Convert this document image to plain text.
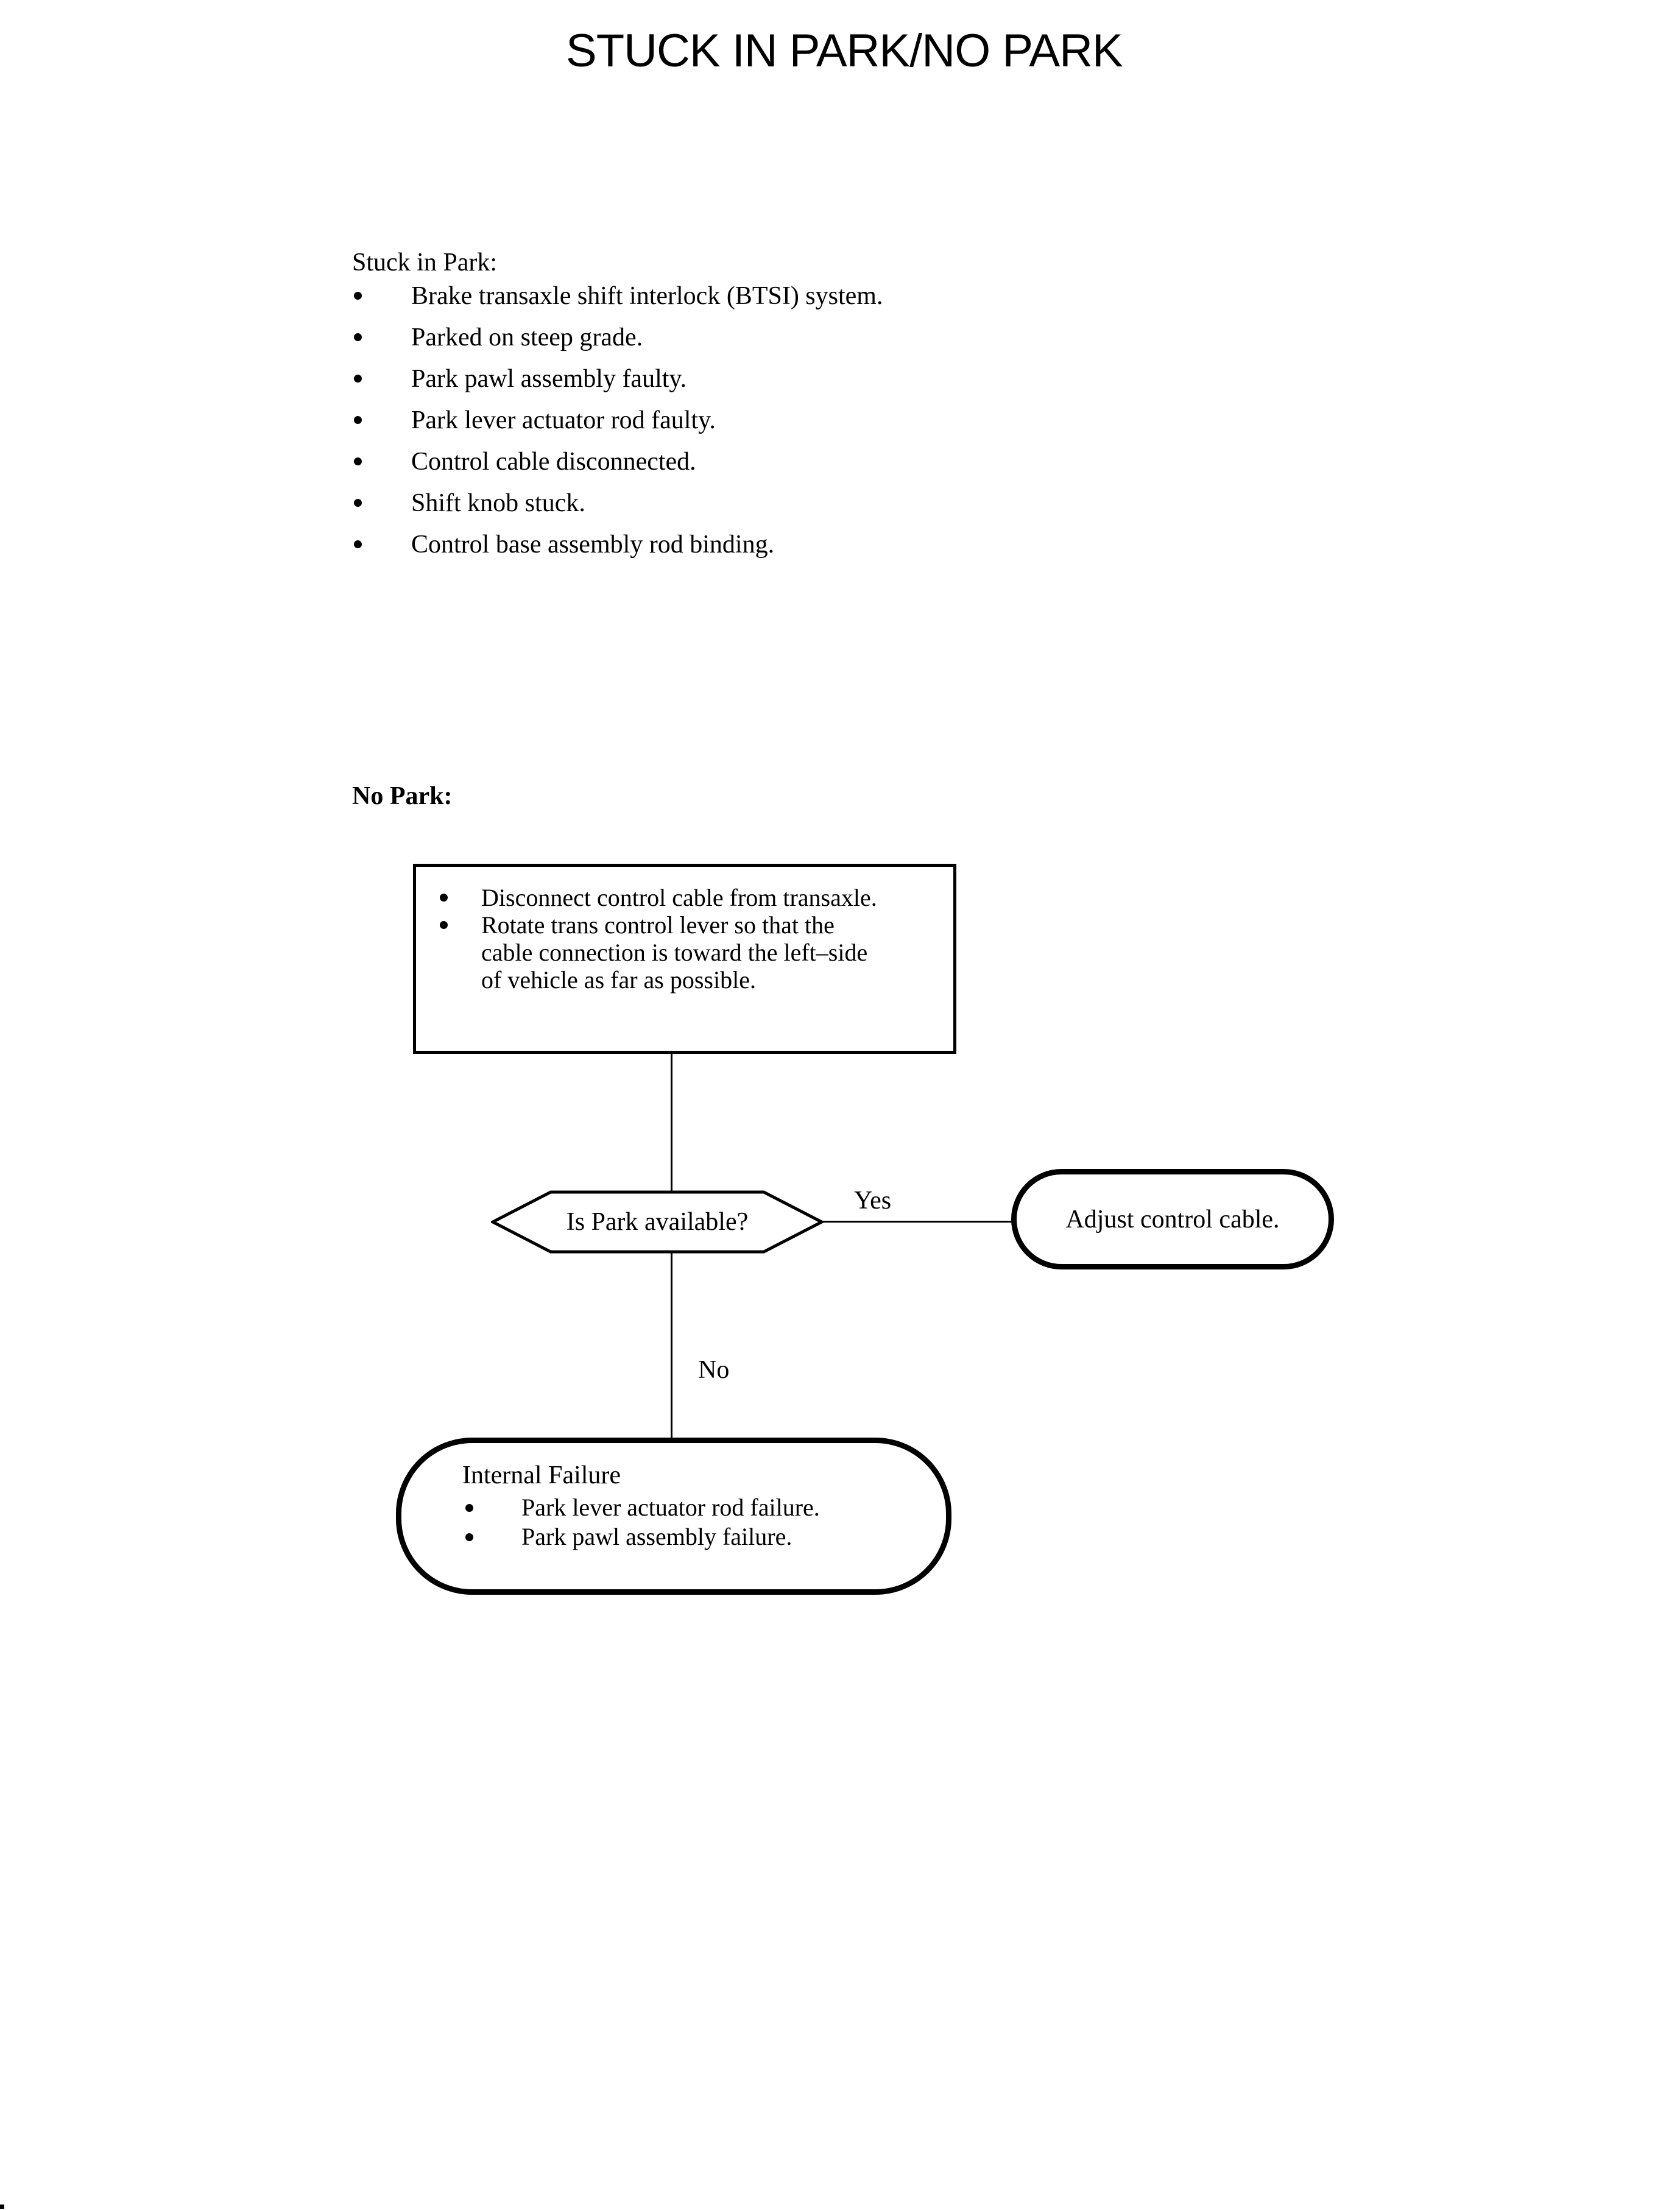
STUCK IN PARK/NO PARK
Stuck in Park:
Brake transaxle shift interlock (BTSI) system.
Parked on steep grade.
Park pawl assembly faulty.
Park lever actuator rod faulty.
Control cable disconnected.
Shift knob stuck.
Control base assembly rod binding.
No Park:
Disconnect control cable from transaxle.
Rotate trans control lever so that the cable connection is toward the left–side of vehicle as far as possible.
Is Park available?
Yes
No
Adjust control cable.
Internal Failure
Park lever actuator rod failure.
Park pawl assembly failure.
